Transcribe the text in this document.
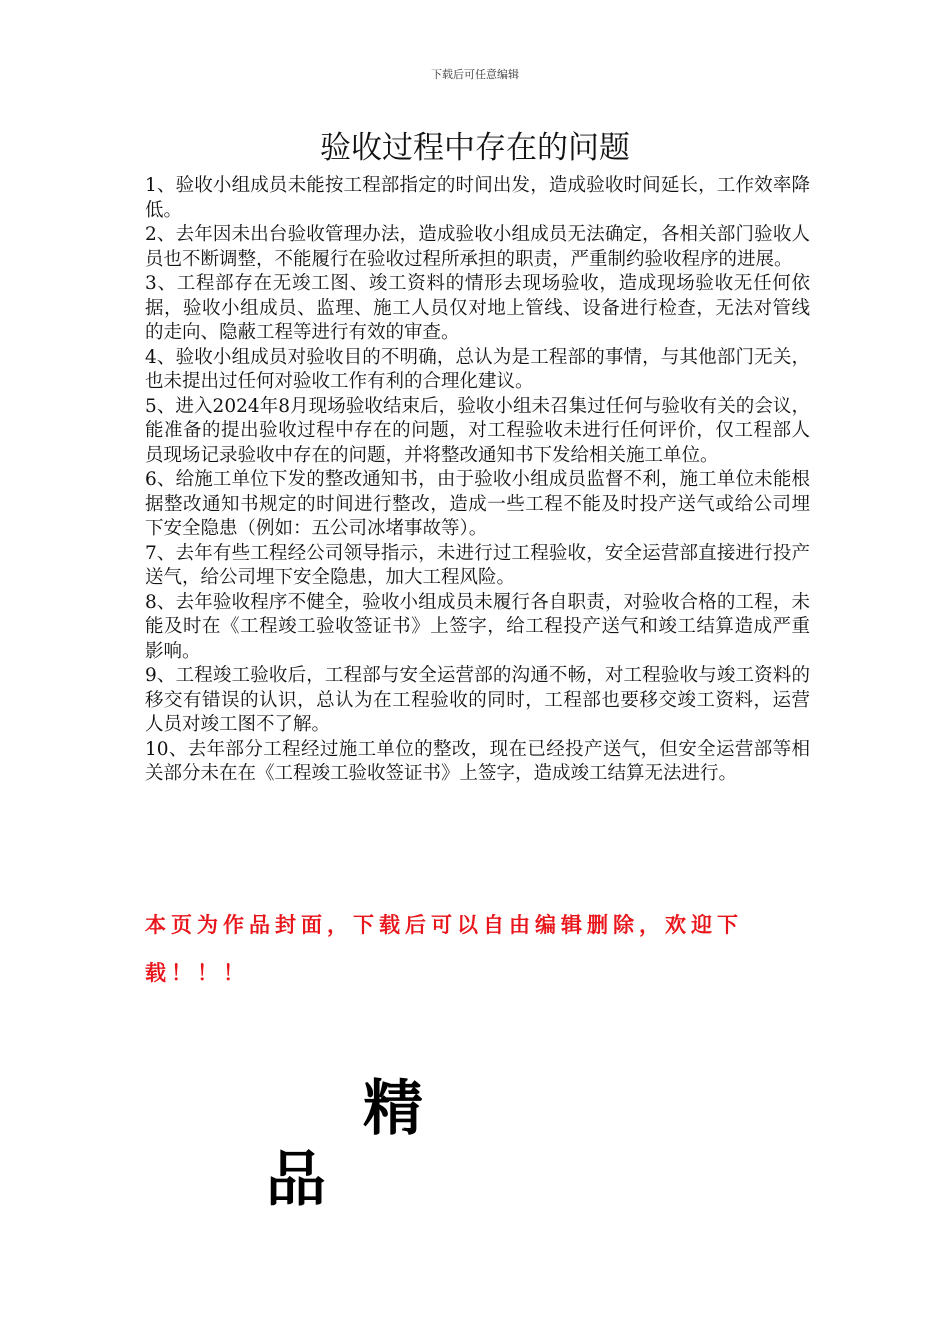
下载后可任意编辑
验收过程中存在的问题

1、验收小组成员未能按工程部指定的时间出发，造成验收时间延长，工作效率降低。

2、去年因未出台验收管理办法，造成验收小组成员无法确定，各相关部门验收人员也不断调整，不能履行在验收过程所承担的职责，严重制约验收程序的进展。

3、工程部存在无竣工图、竣工资料的情形去现场验收，造成现场验收无任何依据，验收小组成员、监理、施工人员仅对地上管线、设备进行检查，无法对管线的走向、隐蔽工程等进行有效的审查。

4、验收小组成员对验收目的不明确，总认为是工程部的事情，与其他部门无关，也未提出过任何对验收工作有利的合理化建议。

5、进入2024年8月现场验收结束后，验收小组未召集过任何与验收有关的会议，能准备的提出验收过程中存在的问题，对工程验收未进行任何评价，仅工程部人员现场记录验收中存在的问题，并将整改通知书下发给相关施工单位。

6、给施工单位下发的整改通知书，由于验收小组成员监督不利，施工单位未能根据整改通知书规定的时间进行整改，造成一些工程不能及时投产送气或给公司埋下安全隐患（例如：五公司冰堵事故等）。

7、去年有些工程经公司领导指示，未进行过工程验收，安全运营部直接进行投产送气，给公司埋下安全隐患，加大工程风险。

8、去年验收程序不健全，验收小组成员未履行各自职责，对验收合格的工程，未能及时在《工程竣工验收签证书》上签字，给工程投产送气和竣工结算造成严重影响。

9、工程竣工验收后，工程部与安全运营部的沟通不畅，对工程验收与竣工资料的移交有错误的认识，总认为在工程验收的同时，工程部也要移交竣工资料，运营人员对竣工图不了解。

10、去年部分工程经过施工单位的整改，现在已经投产送气，但安全运营部等相关部分未在在《工程竣工验收签证书》上签字，造成竣工结算无法进行。

本页为作品封面，下载后可以自由编辑删除，欢迎下载！！！

精
品
